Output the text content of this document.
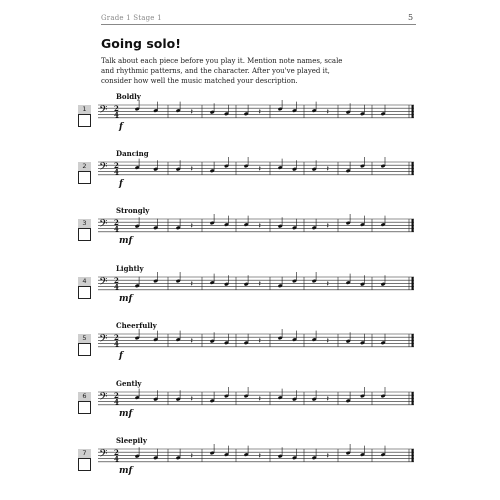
Grade 1 Stage 1	5
Going solo!

Talk about each piece before you play it. Mention note names, scale

and rhythmic patterns, and the character. After you've played it,

consider how well the music matched your description.

1
Boldly
𝄢 2
4	𝄽	𝄽	𝄽
f
2
Dancing
𝄢 2
4	𝄽	𝄽	𝄽
f
3
Strongly
𝄢 2
4	𝄽	𝄽	𝄽
mf
4
Lightly
𝄢 2
4	𝄽	𝄽	𝄽
mf
5
Cheerfully
𝄢 2
4	𝄽	𝄽	𝄽
f
6
Gently
𝄢 2
4	𝄽	𝄽	𝄽
mf
7
Sleepily
𝄢 2
4	𝄽	𝄽	𝄽
mf
